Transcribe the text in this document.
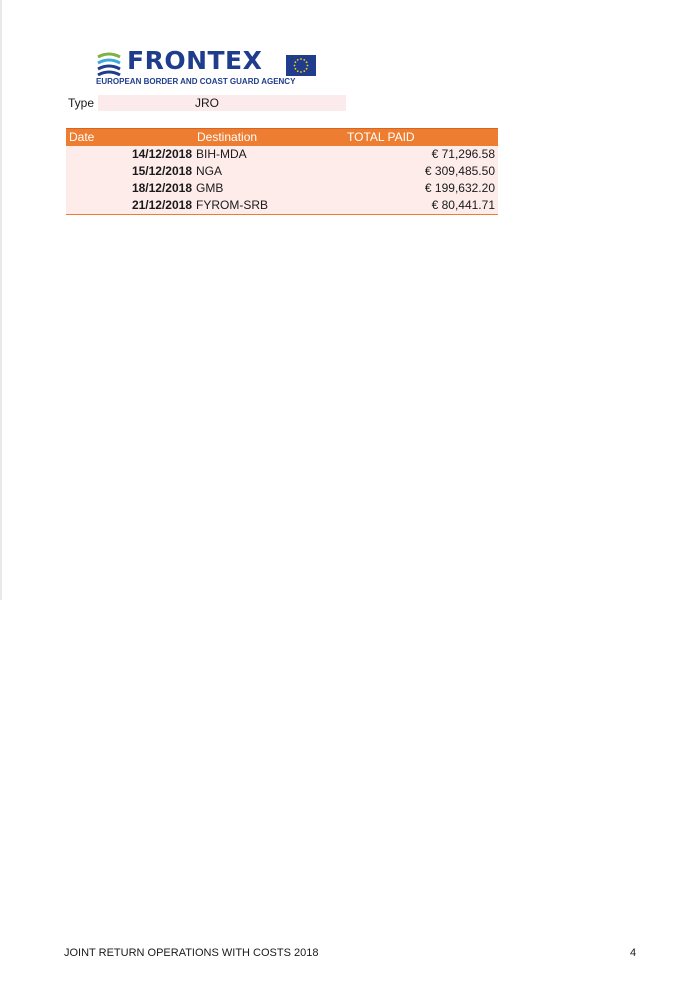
FRONTEX
EUROPEAN BORDER AND COAST GUARD AGENCY
Type	JRO
Date	Destination	TOTAL PAID
14/12/2018 BIH-MDA	€ 71,296.58
15/12/2018 NGA	€ 309,485.50
18/12/2018 GMB	€ 199,632.20
21/12/2018 FYROM-SRB	€ 80,441.71
JOINT RETURN OPERATIONS WITH COSTS 2018	4
